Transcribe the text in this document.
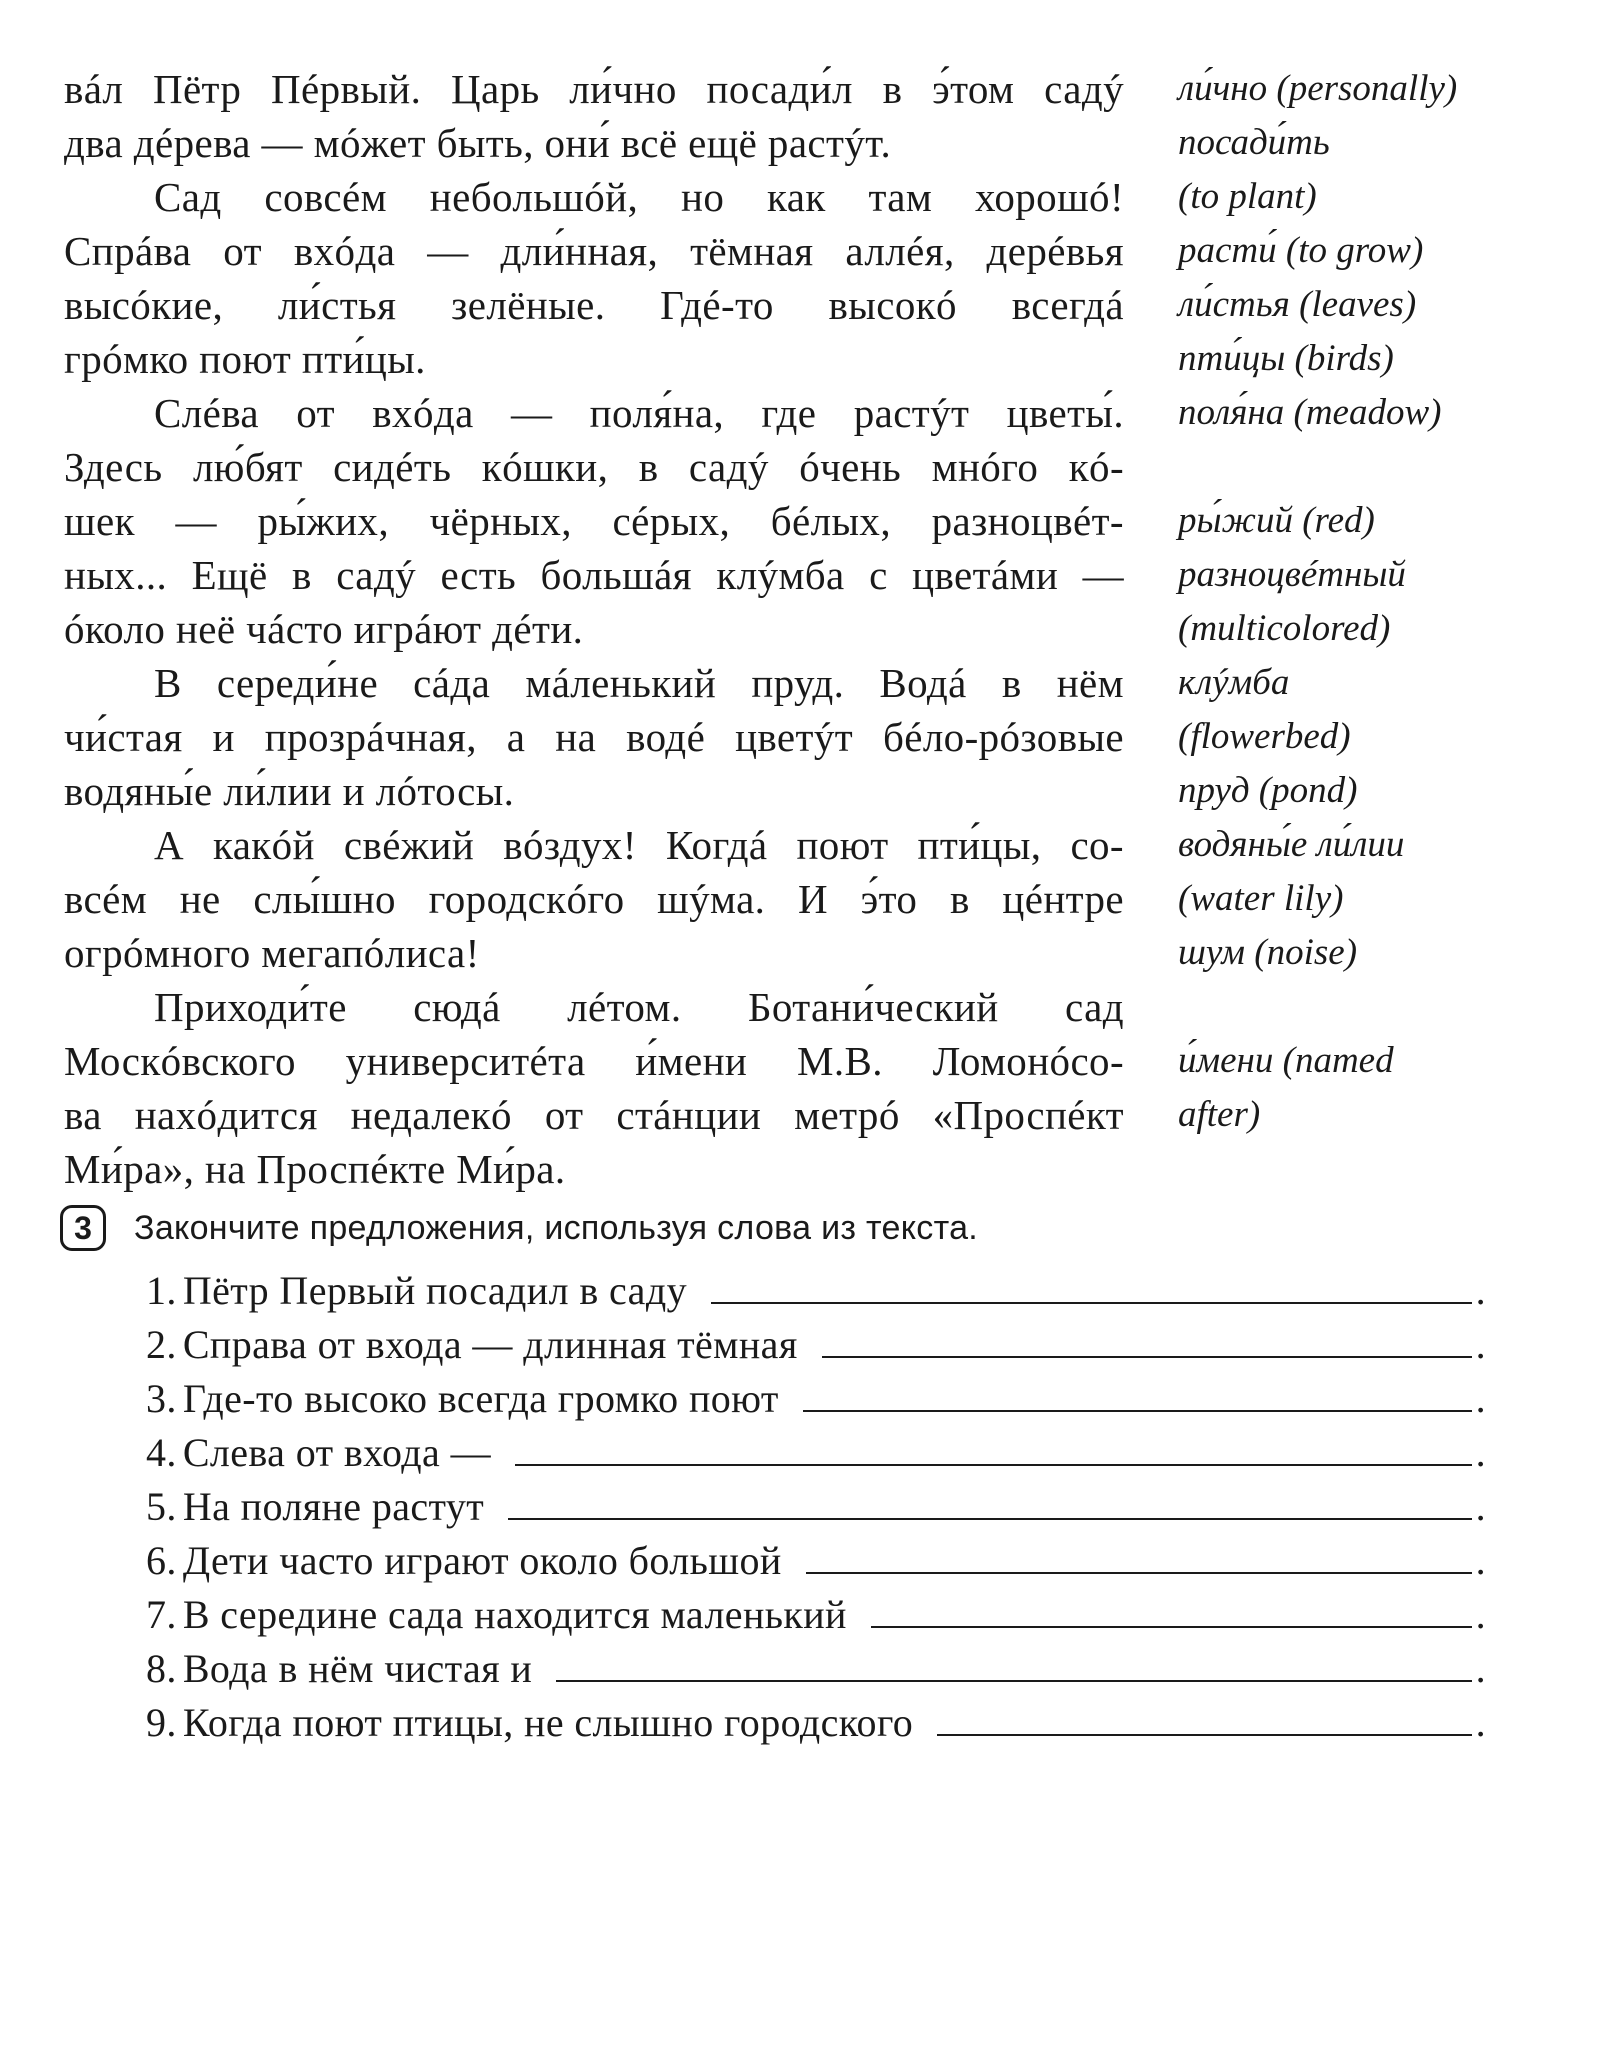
вáл Пётр Пéрвый. Царь ли́чно посади́л в э́том садý
два дéрева — мóжет быть, они́ всё ещё растýт.
Сад совсéм небольшóй, но как там хорошó!
Спрáва от вхóда — дли́нная, тёмная аллéя, дерéвья
высóкие, ли́стья зелёные. Гдé-то высокó всегдá
грóмко поют пти́цы.
Слéва от вхóда — поля́на, где растýт цветы́.
Здесь лю́бят сидéть кóшки, в садý óчень мнóго кó-
шек — ры́жих, чёрных, сéрых, бéлых, разноцвéт-
ных... Ещё в садý есть большáя клýмба с цветáми —
óколо неё чáсто игрáют дéти.
В середи́не сáда мáленький пруд. Водá в нём
чи́стая и прозрáчная, а на водé цветýт бéло-рóзовые
водяны́е ли́лии и лóтосы.
А какóй свéжий вóздух! Когдá поют пти́цы, со-
всéм не слы́шно городскóго шýма. И э́то в цéнтре
огрóмного мегапóлиса!
Приходи́те сюдá лéтом. Ботани́ческий сад
Москóвского университéта и́мени М.В. Ломонóсо-
ва нахóдится недалекó от стáнции метрó «Проспéкт
Ми́ра», на Проспéкте Ми́ра.
ли́чно (personally)
посади́ть
(to plant)
расти́ (to grow)
ли́стья (leaves)
пти́цы (birds)
поля́на (meadow)
ры́жий (red)
разноцвéтный
(multicolored)
клýмба
(flowerbed)
пруд (pond)
водяны́е ли́лии
(water lily)
шум (noise)
и́мени (named
after)
3	Закончите предложения, используя слова из текста.
1. Пётр Первый посадил в саду	.
2. Справа от входа — длинная тёмная	.
3. Где-то высоко всегда громко поют	.
4. Слева от входа —	.
5. На поляне растут	.
6. Дети часто играют около большой	.
7. В середине сада находится маленький	.
8. Вода в нём чистая и	.
9. Когда поют птицы, не слышно городского	.
